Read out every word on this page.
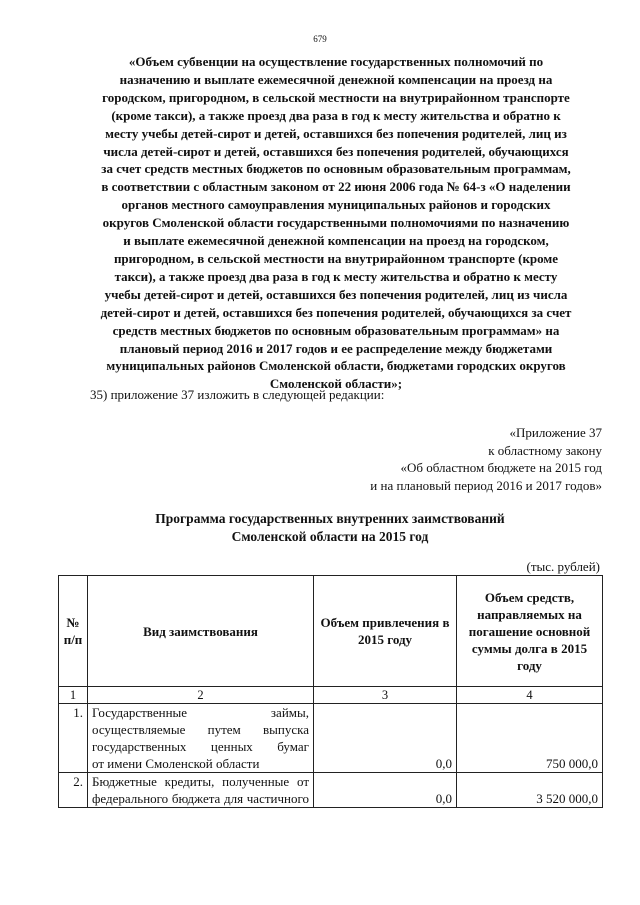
679
«Объем субвенции на осуществление государственных полномочий по
назначению и выплате ежемесячной денежной компенсации на проезд на
городском, пригородном, в сельской местности на внутрирайонном транспорте
(кроме такси), а также проезд два раза в год к месту жительства и обратно к
месту учебы детей-сирот и детей, оставшихся без попечения родителей, лиц из
числа детей-сирот и детей, оставшихся без попечения родителей, обучающихся
за счет средств местных бюджетов по основным образовательным программам,
в соответствии с областным законом от 22 июня 2006 года № 64-з «О наделении
органов местного самоуправления муниципальных районов и городских
округов Смоленской области государственными полномочиями по назначению
и выплате ежемесячной денежной компенсации на проезд на городском,
пригородном, в сельской местности на внутрирайонном транспорте (кроме
такси), а также проезд два раза в год к месту жительства и обратно к месту
учебы детей-сирот и детей, оставшихся без попечения родителей, лиц из числа
детей-сирот и детей, оставшихся без попечения родителей, обучающихся за счет
средств местных бюджетов по основным образовательным программам» на
плановый период 2016 и 2017 годов и ее распределение между бюджетами
муниципальных районов Смоленской области, бюджетами городских округов
Смоленской области»;
35) приложение 37 изложить в следующей редакции:
«Приложение 37
к областному закону
«Об областном бюджете на 2015 год
и на плановый период 2016 и 2017 годов»
Программа государственных внутренних заимствований
Смоленской области на 2015 год
(тыс. рублей)
№ п/п	Вид заимствования	Объем привлечения в 2015 году	Объем средств, направляемых на погашение основной суммы долга в 2015 году
1	2	3	4
1.	Государственные займы, осуществляемые путем выпуска государственных ценных бумаг
от имени Смоленской области	0,0	750 000,0
2.	Бюджетные кредиты, полученные от федерального бюджета для частичного	0,0	3 520 000,0
